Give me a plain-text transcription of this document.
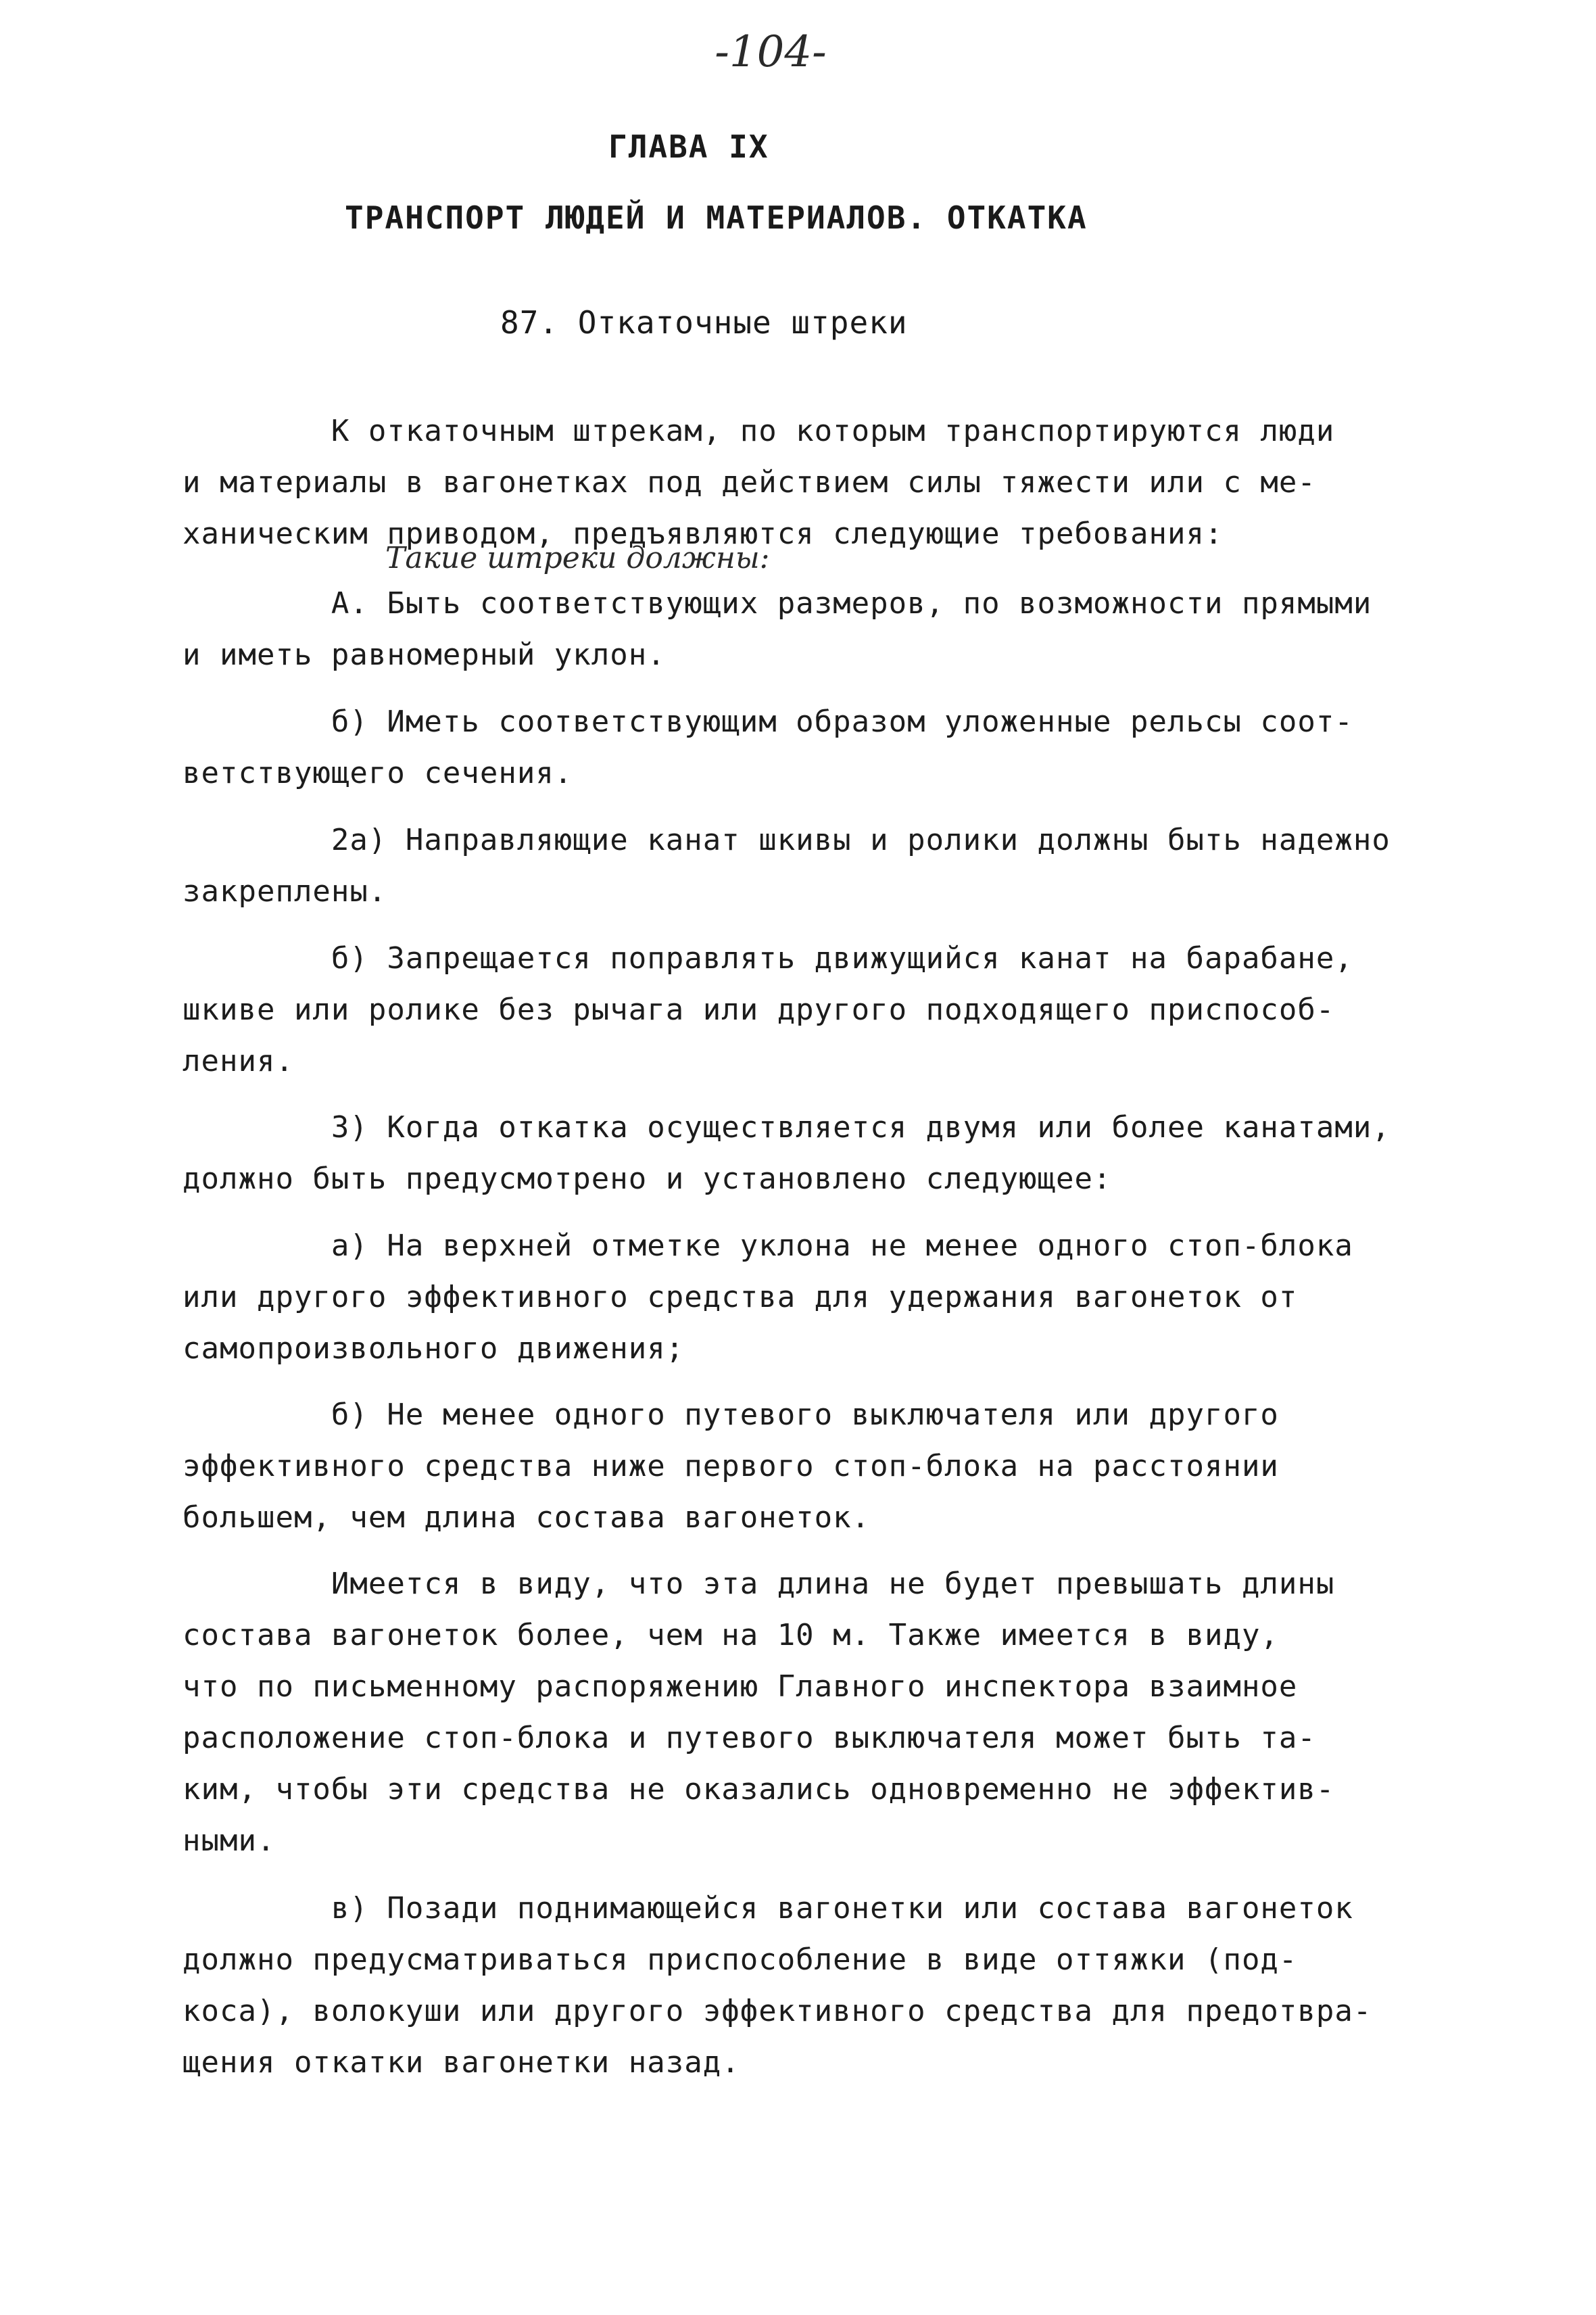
-104-
ГЛАВА IX
ТРАНСПОРТ ЛЮДЕЙ И МАТЕРИАЛОВ. ОТКАТКА
87. Откаточные штреки
Такие штреки должны:
К откаточным штрекам, по которым транспортируются люди
и материалы в вагонетках под действием силы тяжести или с ме-
ханическим приводом, предъявляются следующие требования:
А. Быть соответствующих размеров, по возможности прямыми
и иметь равномерный уклон.
б) Иметь соответствующим образом уложенные рельсы соот-
ветствующего сечения.
2а) Направляющие канат шкивы и ролики должны быть надежно
закреплены.
б) Запрещается поправлять движущийся канат на барабане,
шкиве или ролике без рычага или другого подходящего приспособ-
ления.
3) Когда откатка осуществляется двумя или более канатами,
должно быть предусмотрено и установлено следующее:
а) На верхней отметке уклона не менее одного стоп-блока
или другого эффективного средства для удержания вагонеток от
самопроизвольного движения;
б) Не менее одного путевого выключателя или другого
эффективного средства ниже первого стоп-блока на расстоянии
большем, чем длина состава вагонеток.
Имеется в виду, что эта длина не будет превышать длины
состава вагонеток более, чем на 10 м. Также имеется в виду,
что по письменному распоряжению Главного инспектора взаимное
расположение стоп-блока и путевого выключателя может быть та-
ким, чтобы эти средства не оказались одновременно не эффектив-
ными.
в) Позади поднимающейся вагонетки или состава вагонеток
должно предусматриваться приспособление в виде оттяжки (под-
коса), волокуши или другого эффективного средства для предотвра-
щения откатки вагонетки назад.
